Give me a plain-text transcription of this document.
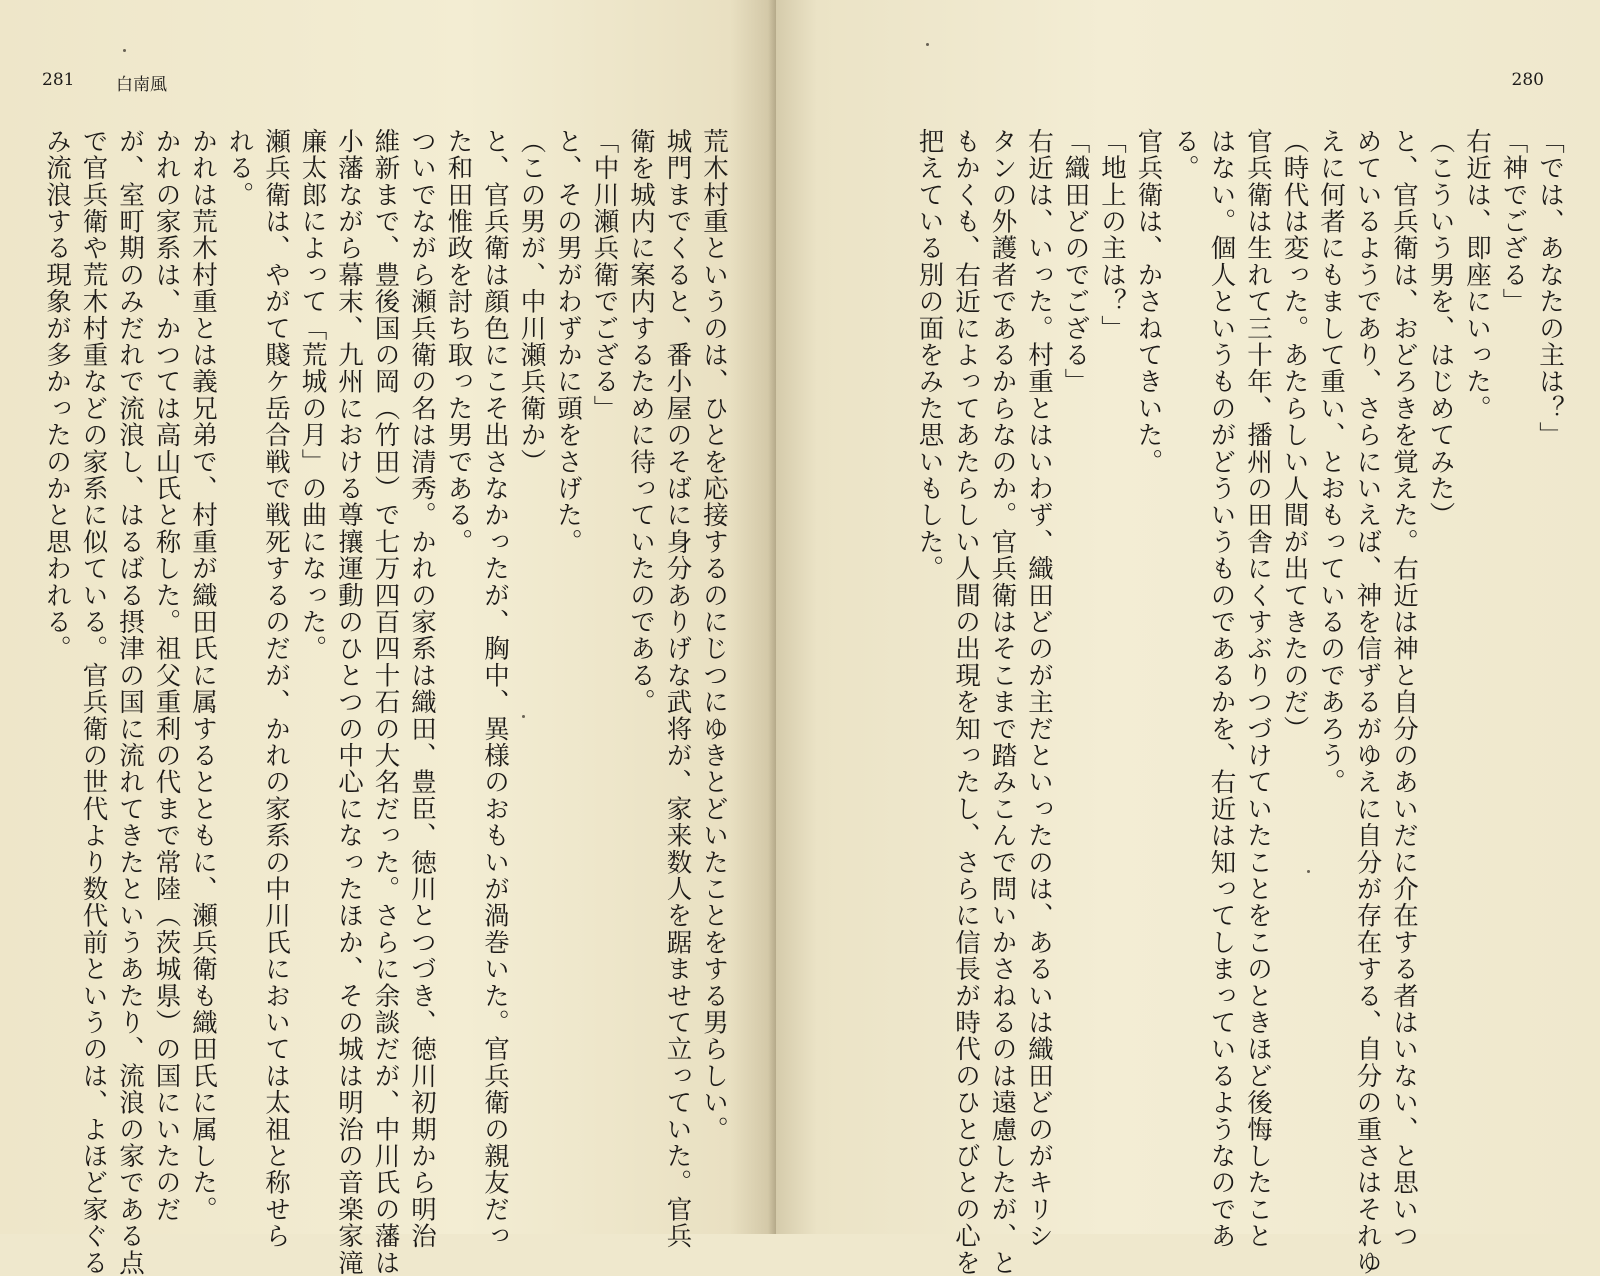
281 白南風
荒木村重というのは、ひとを応接するのにじつにゆきとどいたことをする男らしい。
城門までくると、番小屋のそばに身分ありげな武将が、家来数人を踞ませて立っていた。官兵
衛を城内に案内するために待っていたのである。
「中川瀬兵衛でござる」
と、その男がわずかに頭をさげた。
（この男が、中川瀬兵衛か）
と、官兵衛は顔色にこそ出さなかったが、胸中、異様のおもいが渦巻いた。官兵衛の親友だっ
た和田惟政を討ち取った男である。
ついでながら瀬兵衛の名は清秀。かれの家系は織田、豊臣、徳川とつづき、徳川初期から明治
維新まで、豊後国の岡（竹田）で七万四百四十石の大名だった。さらに余談だが、中川氏の藩は
小藩ながら幕末、九州における尊攘運動のひとつの中心になったほか、その城は明治の音楽家滝
廉太郎によって「荒城の月」の曲になった。
瀬兵衛は、やがて賤ケ岳合戦で戦死するのだが、かれの家系の中川氏においては太祖と称せら
れる。
かれは荒木村重とは義兄弟で、村重が織田氏に属するとともに、瀬兵衛も織田氏に属した。
かれの家系は、かつては高山氏と称した。祖父重利の代まで常陸（茨城県）の国にいたのだ
が、室町期のみだれで流浪し、はるばる摂津の国に流れてきたというあたり、流浪の家である点
で官兵衛や荒木村重などの家系に似ている。官兵衛の世代より数代前というのは、よほど家ぐる
み流浪する現象が多かったのかと思われる。
280
「では、あなたの主は？」
「神でござる」
右近は、即座にいった。
（こういう男を、はじめてみた）
と、官兵衛は、おどろきを覚えた。右近は神と自分のあいだに介在する者はいない、と思いつ
めているようであり、さらにいえば、神を信ずるがゆえに自分が存在する、自分の重さはそれゆ
えに何者にもまして重い、とおもっているのであろう。
（時代は変った。あたらしい人間が出てきたのだ）
官兵衛は生れて三十年、播州の田舎にくすぶりつづけていたことをこのときほど後悔したこと
はない。個人というものがどういうものであるかを、右近は知ってしまっているようなのであ
る。
官兵衛は、かさねてきいた。
「地上の主は？」
「織田どのでござる」
右近は、いった。村重とはいわず、織田どのが主だといったのは、あるいは織田どのがキリシ
タンの外護者であるからなのか。官兵衛はそこまで踏みこんで問いかさねるのは遠慮したが、と
もかくも、右近によってあたらしい人間の出現を知ったし、さらに信長が時代のひとびとの心を
把えている別の面をみた思いもした。
